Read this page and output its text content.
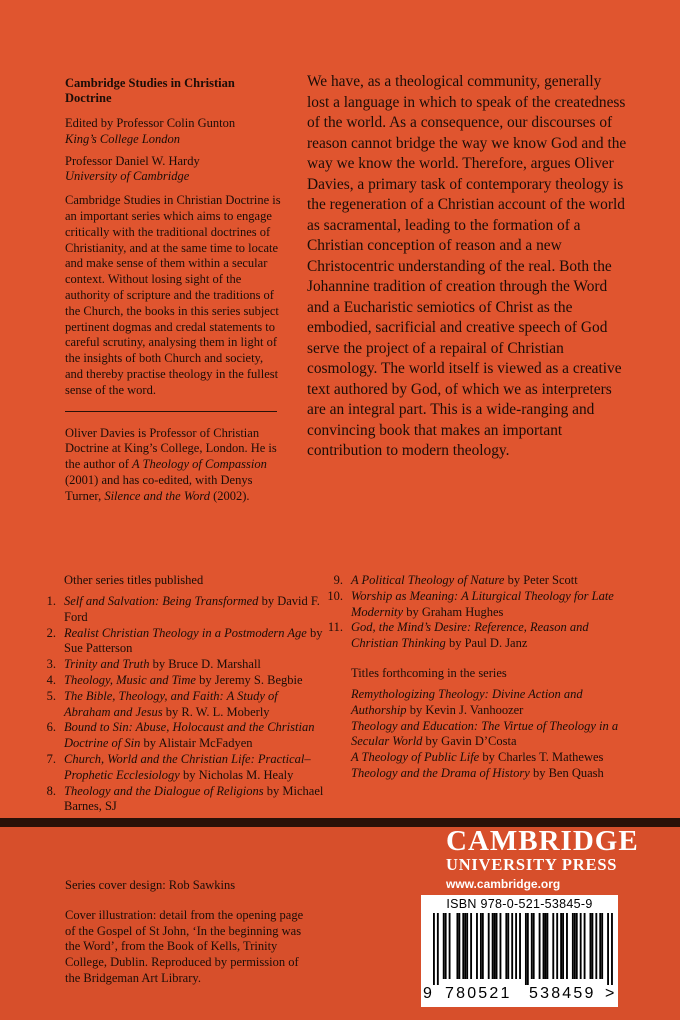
Cambridge Studies in Christian Doctrine

Edited by Professor Colin Gunton

King’s College London

Professor Daniel W. Hardy

University of Cambridge

Cambridge Studies in Christian Doctrine is an important series which aims to engage critically with the traditional doctrines of Christianity, and at the same time to locate and make sense of them within a secular context. Without losing sight of the authority of scripture and the traditions of the Church, the books in this series subject pertinent dogmas and credal statements to careful scrutiny, analysing them in light of the insights of both Church and society, and thereby practise theology in the fullest sense of the word.

Oliver Davies is Professor of Christian Doctrine at King’s College, London. He is the author of A Theology of Compassion (2001) and has co-edited, with Denys Turner, Silence and the Word (2002).

We have, as a theological community, generally lost a language in which to speak of the createdness of the world. As a consequence, our discourses of reason cannot bridge the way we know God and the way we know the world. Therefore, argues Oliver Davies, a primary task of contemporary theology is the regeneration of a Christian account of the world as sacramental, leading to the formation of a Christian conception of reason and a new Christocentric understanding of the real. Both the Johannine tradition of creation through the Word and a Eucharistic semiotics of Christ as the embodied, sacrificial and creative speech of God serve the project of a repairal of Christian cosmology. The world itself is viewed as a creative text authored by God, of which we as interpreters are an integral part. This is a wide-ranging and convincing book that makes an important contribution to modern theology.

Other series titles published

1. Self and Salvation: Being Transformed by David F. Ford
2. Realist Christian Theology in a Postmodern Age by Sue Patterson
3. Trinity and Truth by Bruce D. Marshall
4. Theology, Music and Time by Jeremy S. Begbie
5. The Bible, Theology, and Faith: A Study of Abraham and Jesus by R. W. L. Moberly
6. Bound to Sin: Abuse, Holocaust and the Christian Doctrine of Sin by Alistair McFadyen
7. Church, World and the Christian Life: Practical–Prophetic Ecclesiology by Nicholas M. Healy
8. Theology and the Dialogue of Religions by Michael Barnes, SJ
9. A Political Theology of Nature by Peter Scott
10. Worship as Meaning: A Liturgical Theology for Late Modernity by Graham Hughes
11. God, the Mind’s Desire: Reference, Reason and Christian Thinking by Paul D. Janz

Titles forthcoming in the series

Remythologizing Theology: Divine Action and Authorship by Kevin J. Vanhoozer

Theology and Education: The Virtue of Theology in a Secular World by Gavin D’Costa

A Theology of Public Life by Charles T. Mathewes

Theology and the Drama of History by Ben Quash

Series cover design: Rob Sawkins

Cover illustration: detail from the opening page of the Gospel of St John, ‘In the beginning was the Word’, from the Book of Kells, Trinity College, Dublin. Reproduced by permission of the Bridgeman Art Library.

CAMBRIDGE
UNIVERSITY PRESS
www.cambridge.org
ISBN 978-0-521-53845-9
9 780521 538459 >
